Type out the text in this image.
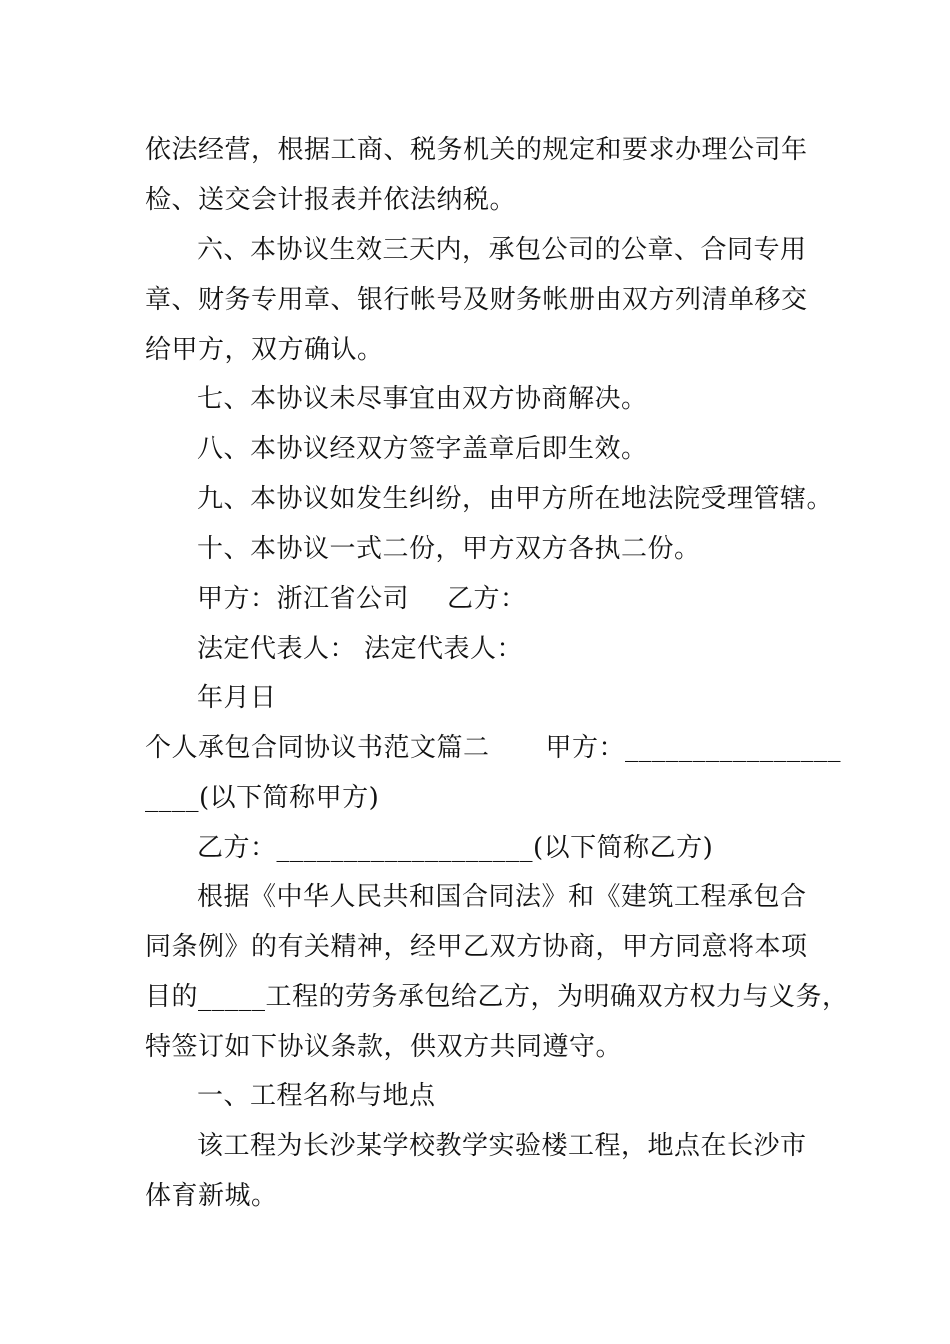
依法经营，根据工商、税务机关的规定和要求办理公司年
检、送交会计报表并依法纳税。
六、本协议生效三天内，承包公司的公章、合同专用
章、财务专用章、银行帐号及财务帐册由双方列清单移交
给甲方，双方确认。
七、本协议未尽事宜由双方协商解决。
八、本协议经双方签字盖章后即生效。
九、本协议如发生纠纷，由甲方所在地法院受理管辖。
十、本协议一式二份，甲方双方各执二份。
甲方：浙江省公司 乙方：
法定代表人： 法定代表人：
年月日
个人承包合同协议书范文篇二 甲方：________________
____(以下简称甲方)
乙方：___________________(以下简称乙方)
根据《中华人民共和国合同法》和《建筑工程承包合
同条例》的有关精神，经甲乙双方协商，甲方同意将本项
目的_____工程的劳务承包给乙方，为明确双方权力与义务，
特签订如下协议条款，供双方共同遵守。
一、工程名称与地点
该工程为长沙某学校教学实验楼工程，地点在长沙市
体育新城。
